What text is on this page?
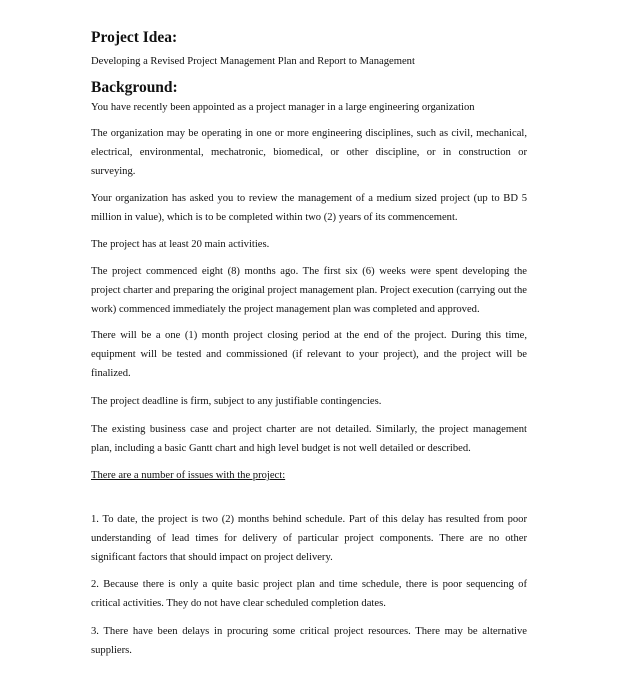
Project Idea:
Developing a Revised Project Management Plan and Report to Management
Background:
You have recently been appointed as a project manager in a large engineering organization
The organization may be operating in one or more engineering disciplines, such as civil, mechanical, electrical, environmental, mechatronic, biomedical, or other discipline, or in construction or surveying.
Your organization has asked you to review the management of a medium sized project (up to BD 5 million in value), which is to be completed within two (2) years of its commencement.
The project has at least 20 main activities.
The project commenced eight (8) months ago. The first six (6) weeks were spent developing the project charter and preparing the original project management plan. Project execution (carrying out the work) commenced immediately the project management plan was completed and approved.
There will be a one (1) month project closing period at the end of the project. During this time, equipment will be tested and commissioned (if relevant to your project), and the project will be finalized.
The project deadline is firm, subject to any justifiable contingencies.
The existing business case and project charter are not detailed. Similarly, the project management plan, including a basic Gantt chart and high level budget is not well detailed or described.
There are a number of issues with the project:
1. To date, the project is two (2) months behind schedule. Part of this delay has resulted from poor understanding of lead times for delivery of particular project components. There are no other significant factors that should impact on project delivery.
2. Because there is only a quite basic project plan and time schedule, there is poor sequencing of critical activities. They do not have clear scheduled completion dates.
3. There have been delays in procuring some critical project resources. There may be alternative suppliers.
